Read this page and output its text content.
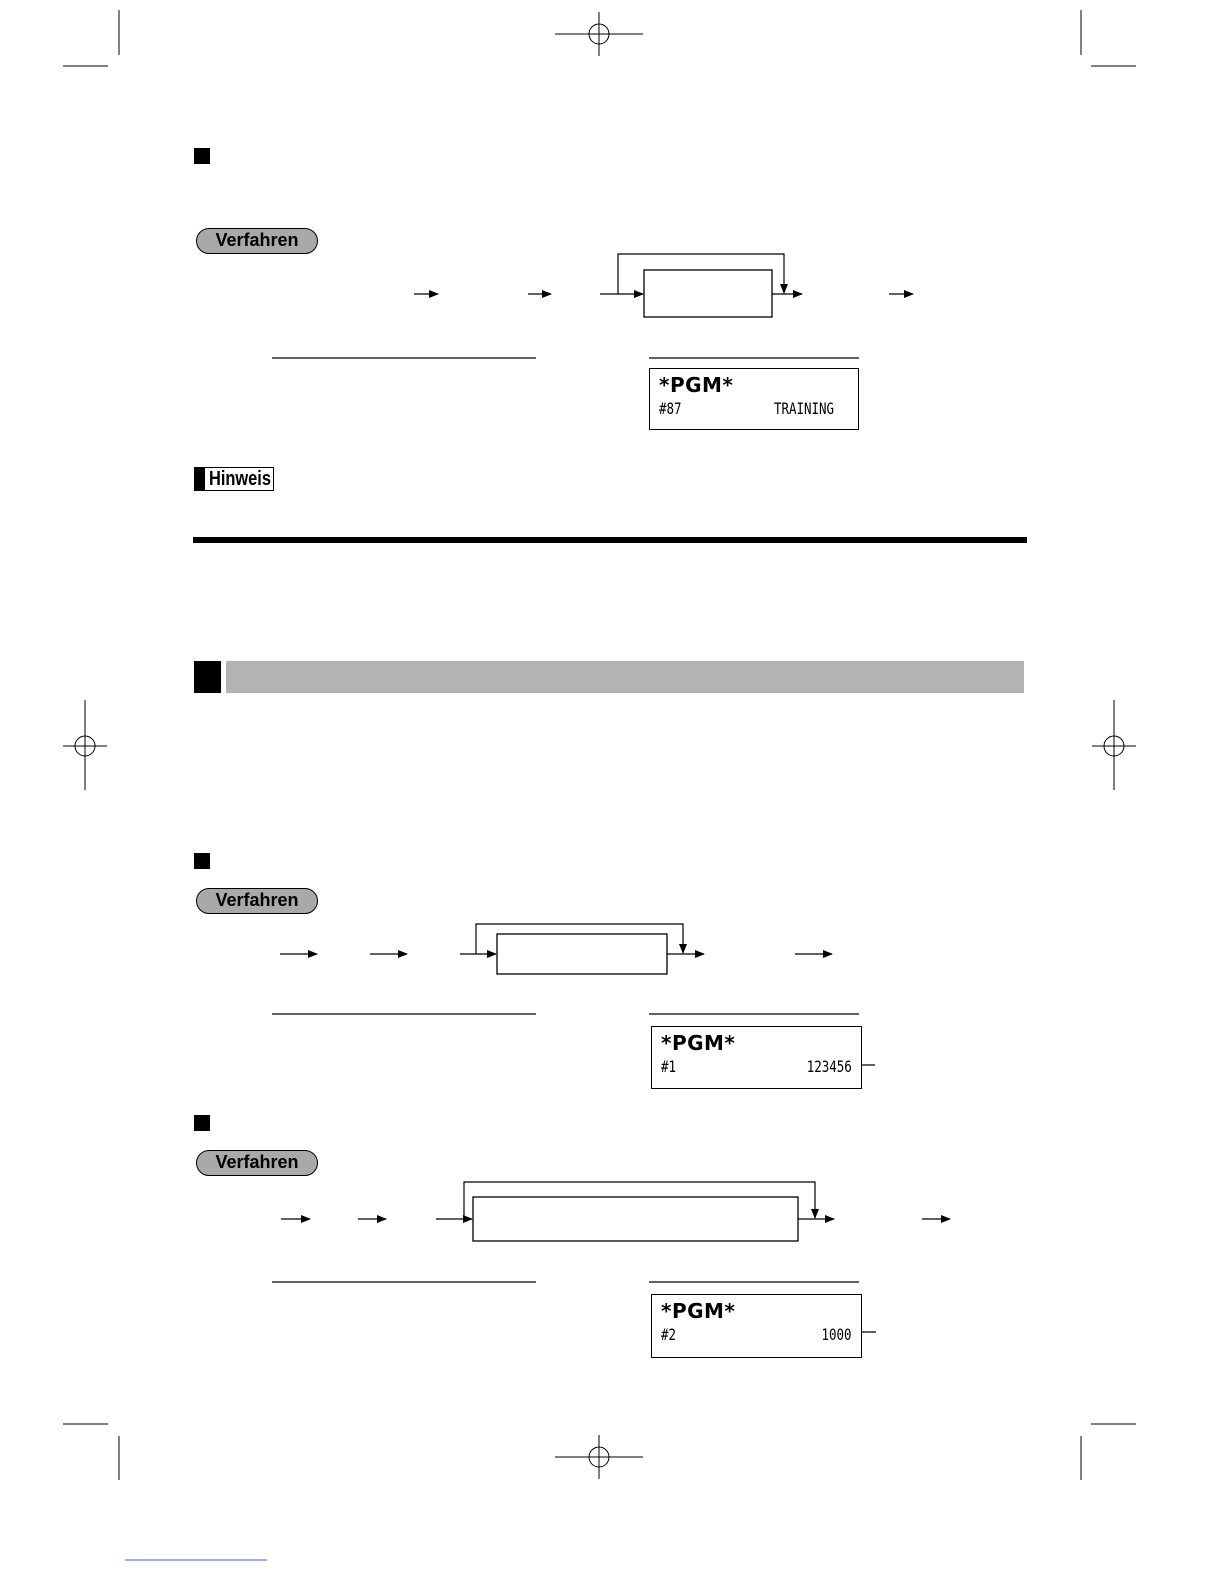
Verfahren
Verfahren
Verfahren
*PGM*
#87	TRAINING
Hinweis
*PGM*
#1	123456
*PGM*
#2	1000
